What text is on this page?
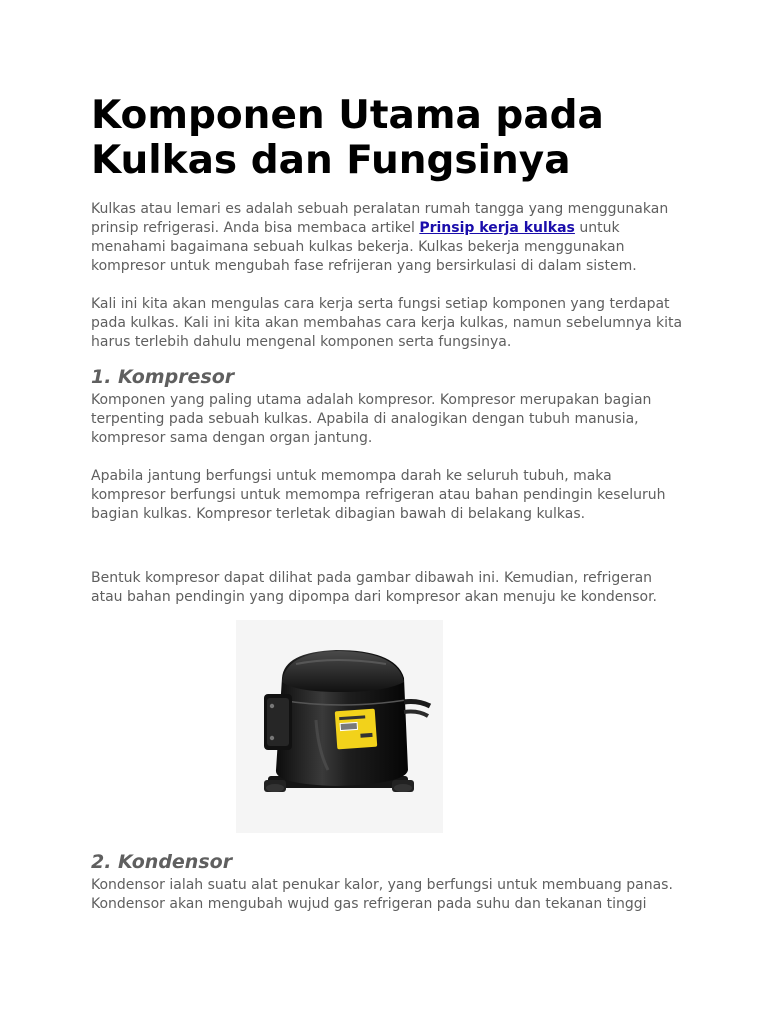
Komponen Utama pada Kulkas dan Fungsinya

Kulkas atau lemari es adalah sebuah peralatan rumah tangga yang menggunakan
prinsip refrigerasi. Anda bisa membaca artikel Prinsip kerja kulkas untuk
menahami bagaimana sebuah kulkas bekerja. Kulkas bekerja menggunakan
kompresor untuk mengubah fase refrijeran yang bersirkulasi di dalam sistem.

Kali ini kita akan mengulas cara kerja serta fungsi setiap komponen yang terdapat
pada kulkas. Kali ini kita akan membahas cara kerja kulkas, namun sebelumnya kita
harus terlebih dahulu mengenal komponen serta fungsinya.

1. Kompresor

Komponen yang paling utama adalah kompresor. Kompresor merupakan bagian
terpenting pada sebuah kulkas. Apabila di analogikan dengan tubuh manusia,
kompresor sama dengan organ jantung.

Apabila jantung berfungsi untuk memompa darah ke seluruh tubuh, maka
kompresor berfungsi untuk memompa refrigeran atau bahan pendingin keseluruh
bagian kulkas. Kompresor terletak dibagian bawah di belakang kulkas.

Bentuk kompresor dapat dilihat pada gambar dibawah ini. Kemudian, refrigeran
atau bahan pendingin yang dipompa dari kompresor akan menuju ke kondensor.

2. Kondensor

Kondensor ialah suatu alat penukar kalor, yang berfungsi untuk membuang panas.
Kondensor akan mengubah wujud gas refrigeran pada suhu dan tekanan tinggi
